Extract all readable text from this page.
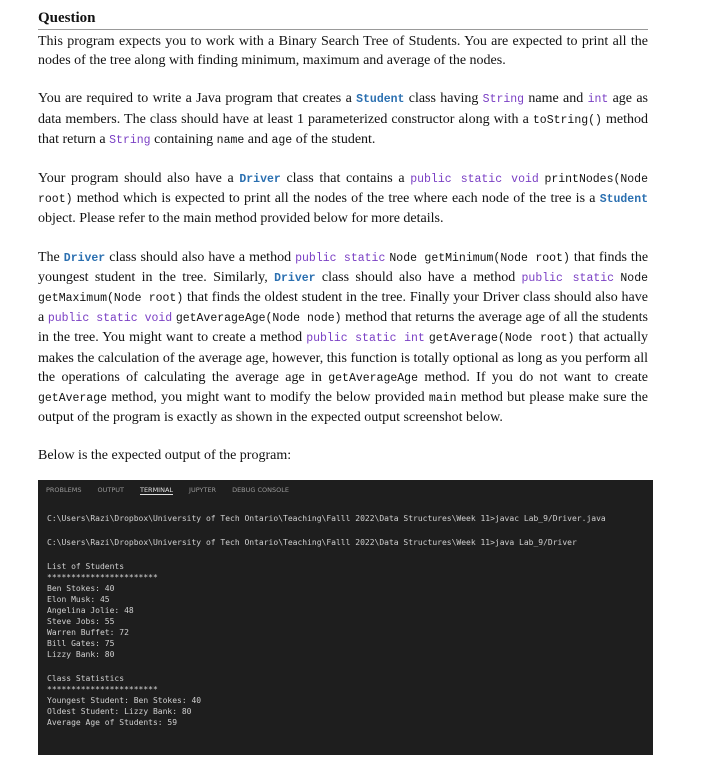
Question

This program expects you to work with a Binary Search Tree of Students. You are expected to print all the nodes of the tree along with finding minimum, maximum and average of the nodes.

You are required to write a Java program that creates a Student class having String name and int age as data members. The class should have at least 1 parameterized constructor along with a toString() method that return a String containing name and age of the student.

Your program should also have a Driver class that contains a public static void printNodes(Node root) method which is expected to print all the nodes of the tree where each node of the tree is a Student object. Please refer to the main method provided below for more details.

The Driver class should also have a method public static Node getMinimum(Node root) that finds the youngest student in the tree. Similarly, Driver class should also have a method public static Node getMaximum(Node root) that finds the oldest student in the tree. Finally your Driver class should also have a public static void getAverageAge(Node node) method that returns the average age of all the students in the tree. You might want to create a method public static int getAverage(Node root) that actually makes the calculation of the average age, however, this function is totally optional as long as you perform all the operations of calculating the average age in getAverageAge method. If you do not want to create getAverage method, you might want to modify the below provided main method but please make sure the output of the program is exactly as shown in the expected output screenshot below.

Below is the expected output of the program:

PROBLEMS OUTPUT TERMINAL JUPYTER DEBUG CONSOLE
C:\Users\Razi\Dropbox\University of Tech Ontario\Teaching\Falll 2022\Data Structures\Week 11>javac Lab_9/Driver.java
C:\Users\Razi\Dropbox\University of Tech Ontario\Teaching\Falll 2022\Data Structures\Week 11>java Lab_9/Driver
List of Students
***********************
Ben Stokes: 40
Elon Musk: 45
Angelina Jolie: 48
Steve Jobs: 55
Warren Buffet: 72
Bill Gates: 75
Lizzy Bank: 80
Class Statistics
***********************
Youngest Student: Ben Stokes: 40
Oldest Student: Lizzy Bank: 80
Average Age of Students: 59
